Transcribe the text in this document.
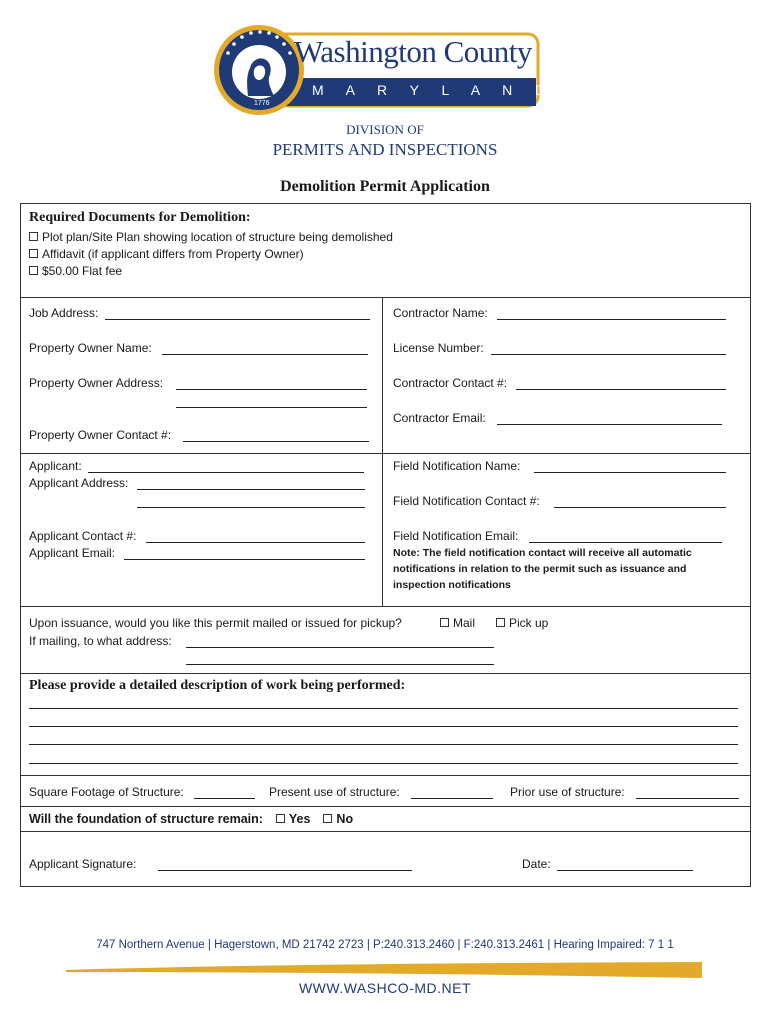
Washington County
M  A  R  Y  L  A  N  D
1776
DIVISION OF
PERMITS AND INSPECTIONS
Demolition Permit Application
Required Documents for Demolition:
Plot plan/Site Plan showing location of structure being demolished
Affidavit (if applicant differs from Property Owner)
$50.00 Flat fee
Job Address:
Property Owner Name:
Property Owner Address:
Property Owner Contact #:
Contractor Name:
License Number:
Contractor Contact #:
Contractor Email:
Applicant:
Applicant Address:
Applicant Contact #:
Applicant Email:
Field Notification Name:
Field Notification Contact #:
Field Notification Email:
Note: The field notification contact will receive all automatic notifications in relation to the permit such as issuance and inspection notifications
Upon issuance, would you like this permit mailed or issued for pickup?	Mail	Pick up
If mailing, to what address:
Please provide a detailed description of work being performed:
Square Footage of Structure:	Present use of structure:	Prior use of structure:
Will the foundation of structure remain: Yes No
Applicant Signature:	Date:
747 Northern Avenue | Hagerstown, MD 21742 2723 | P:240.313.2460 | F:240.313.2461 | Hearing Impaired: 7 1 1
WWW.WASHCO-MD.NET
